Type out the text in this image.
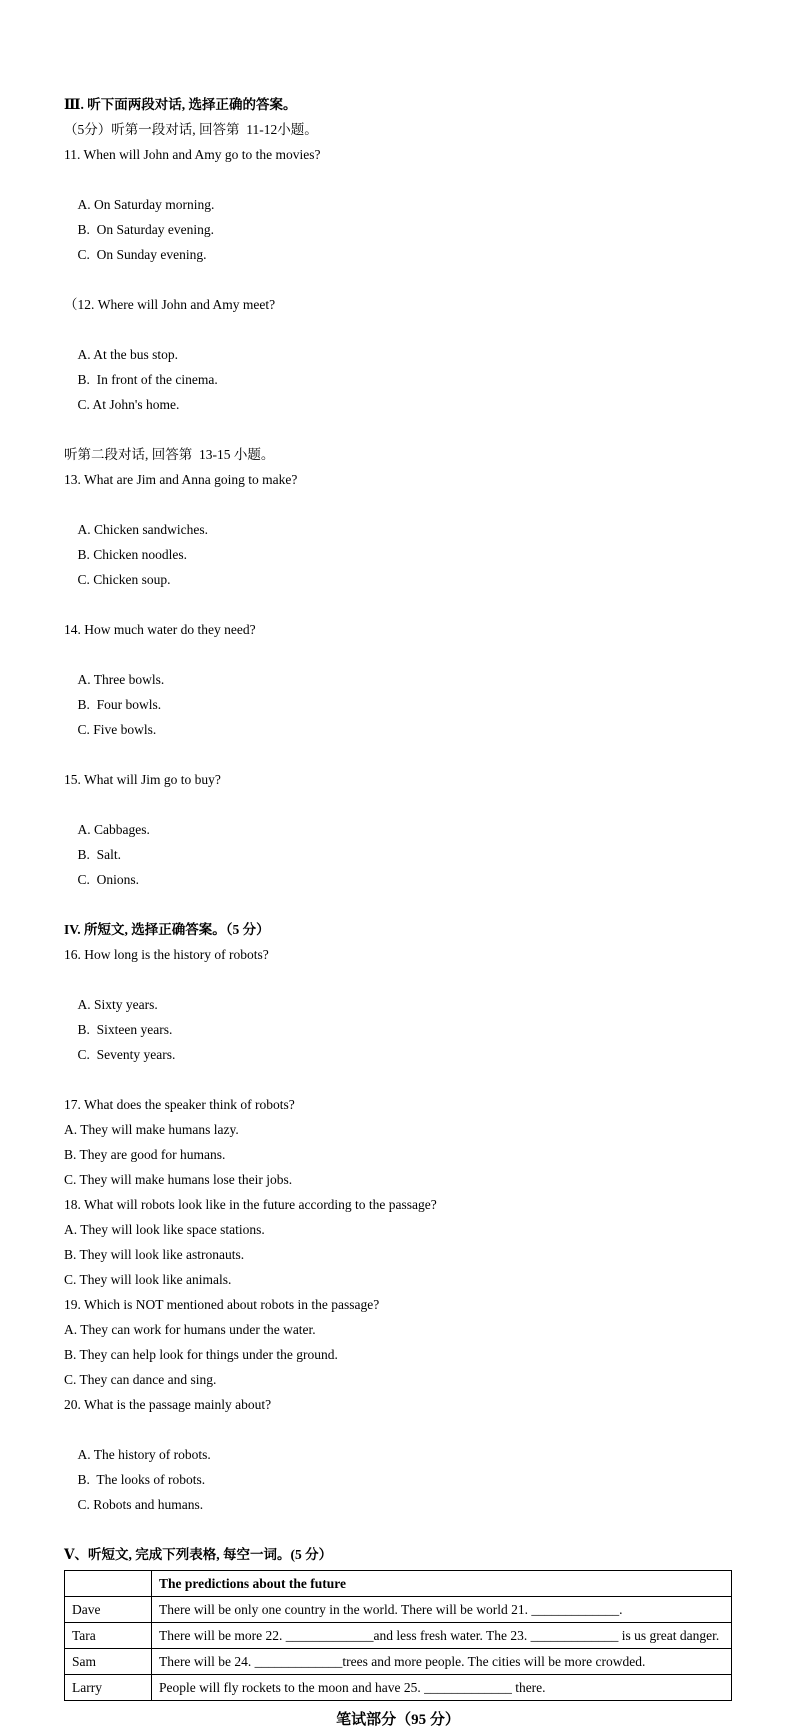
Ⅲ. 听下面两段对话, 选择正确的答案。
（5分）听第一段对话, 回答第  11-12小题。
11. When will John and Amy go to the movies?

A. On Saturday morning.
B.  On Saturday evening.
C.  On Sunday evening.

（12. Where will John and Amy meet?

A. At the bus stop.
B.  In front of the cinema.
C. At John's home.

听第二段对话, 回答第  13-15 小题。
13. What are Jim and Anna going to make?

A. Chicken sandwiches.
B. Chicken noodles.
C. Chicken soup.

14. How much water do they need?

A. Three bowls.
B.  Four bowls.
C. Five bowls.

15. What will Jim go to buy?

A. Cabbages.
B.  Salt.
C.  Onions.

IV. 所短文, 选择正确答案。（5 分）
16. How long is the history of robots?

A. Sixty years.
B.  Sixteen years.
C.  Seventy years.

17. What does the speaker think of robots?
A. They will make humans lazy.
B. They are good for humans.
C. They will make humans lose their jobs.
18. What will robots look like in the future according to the passage?
A. They will look like space stations.
B. They will look like astronauts.
C. They will look like animals.
19. Which is NOT mentioned about robots in the passage?
A. They can work for humans under the water.
B. They can help look for things under the ground.
C. They can dance and sing.
20. What is the passage mainly about?

A. The history of robots.
B.  The looks of robots.
C. Robots and humans.

Ⅴ、听短文, 完成下列表格, 每空一词。(5 分）
	The predictions about the future
Dave	There will be only one country in the world. There will be world 21. _____________.
Tara	There will be more 22. _____________and less fresh water. The 23. _____________ is us great danger.
Sam	There will be 24. _____________trees and more people. The cities will be more crowded.
Larry	People will fly rockets to the moon and have 25. _____________ there.
笔试部分（95 分）
